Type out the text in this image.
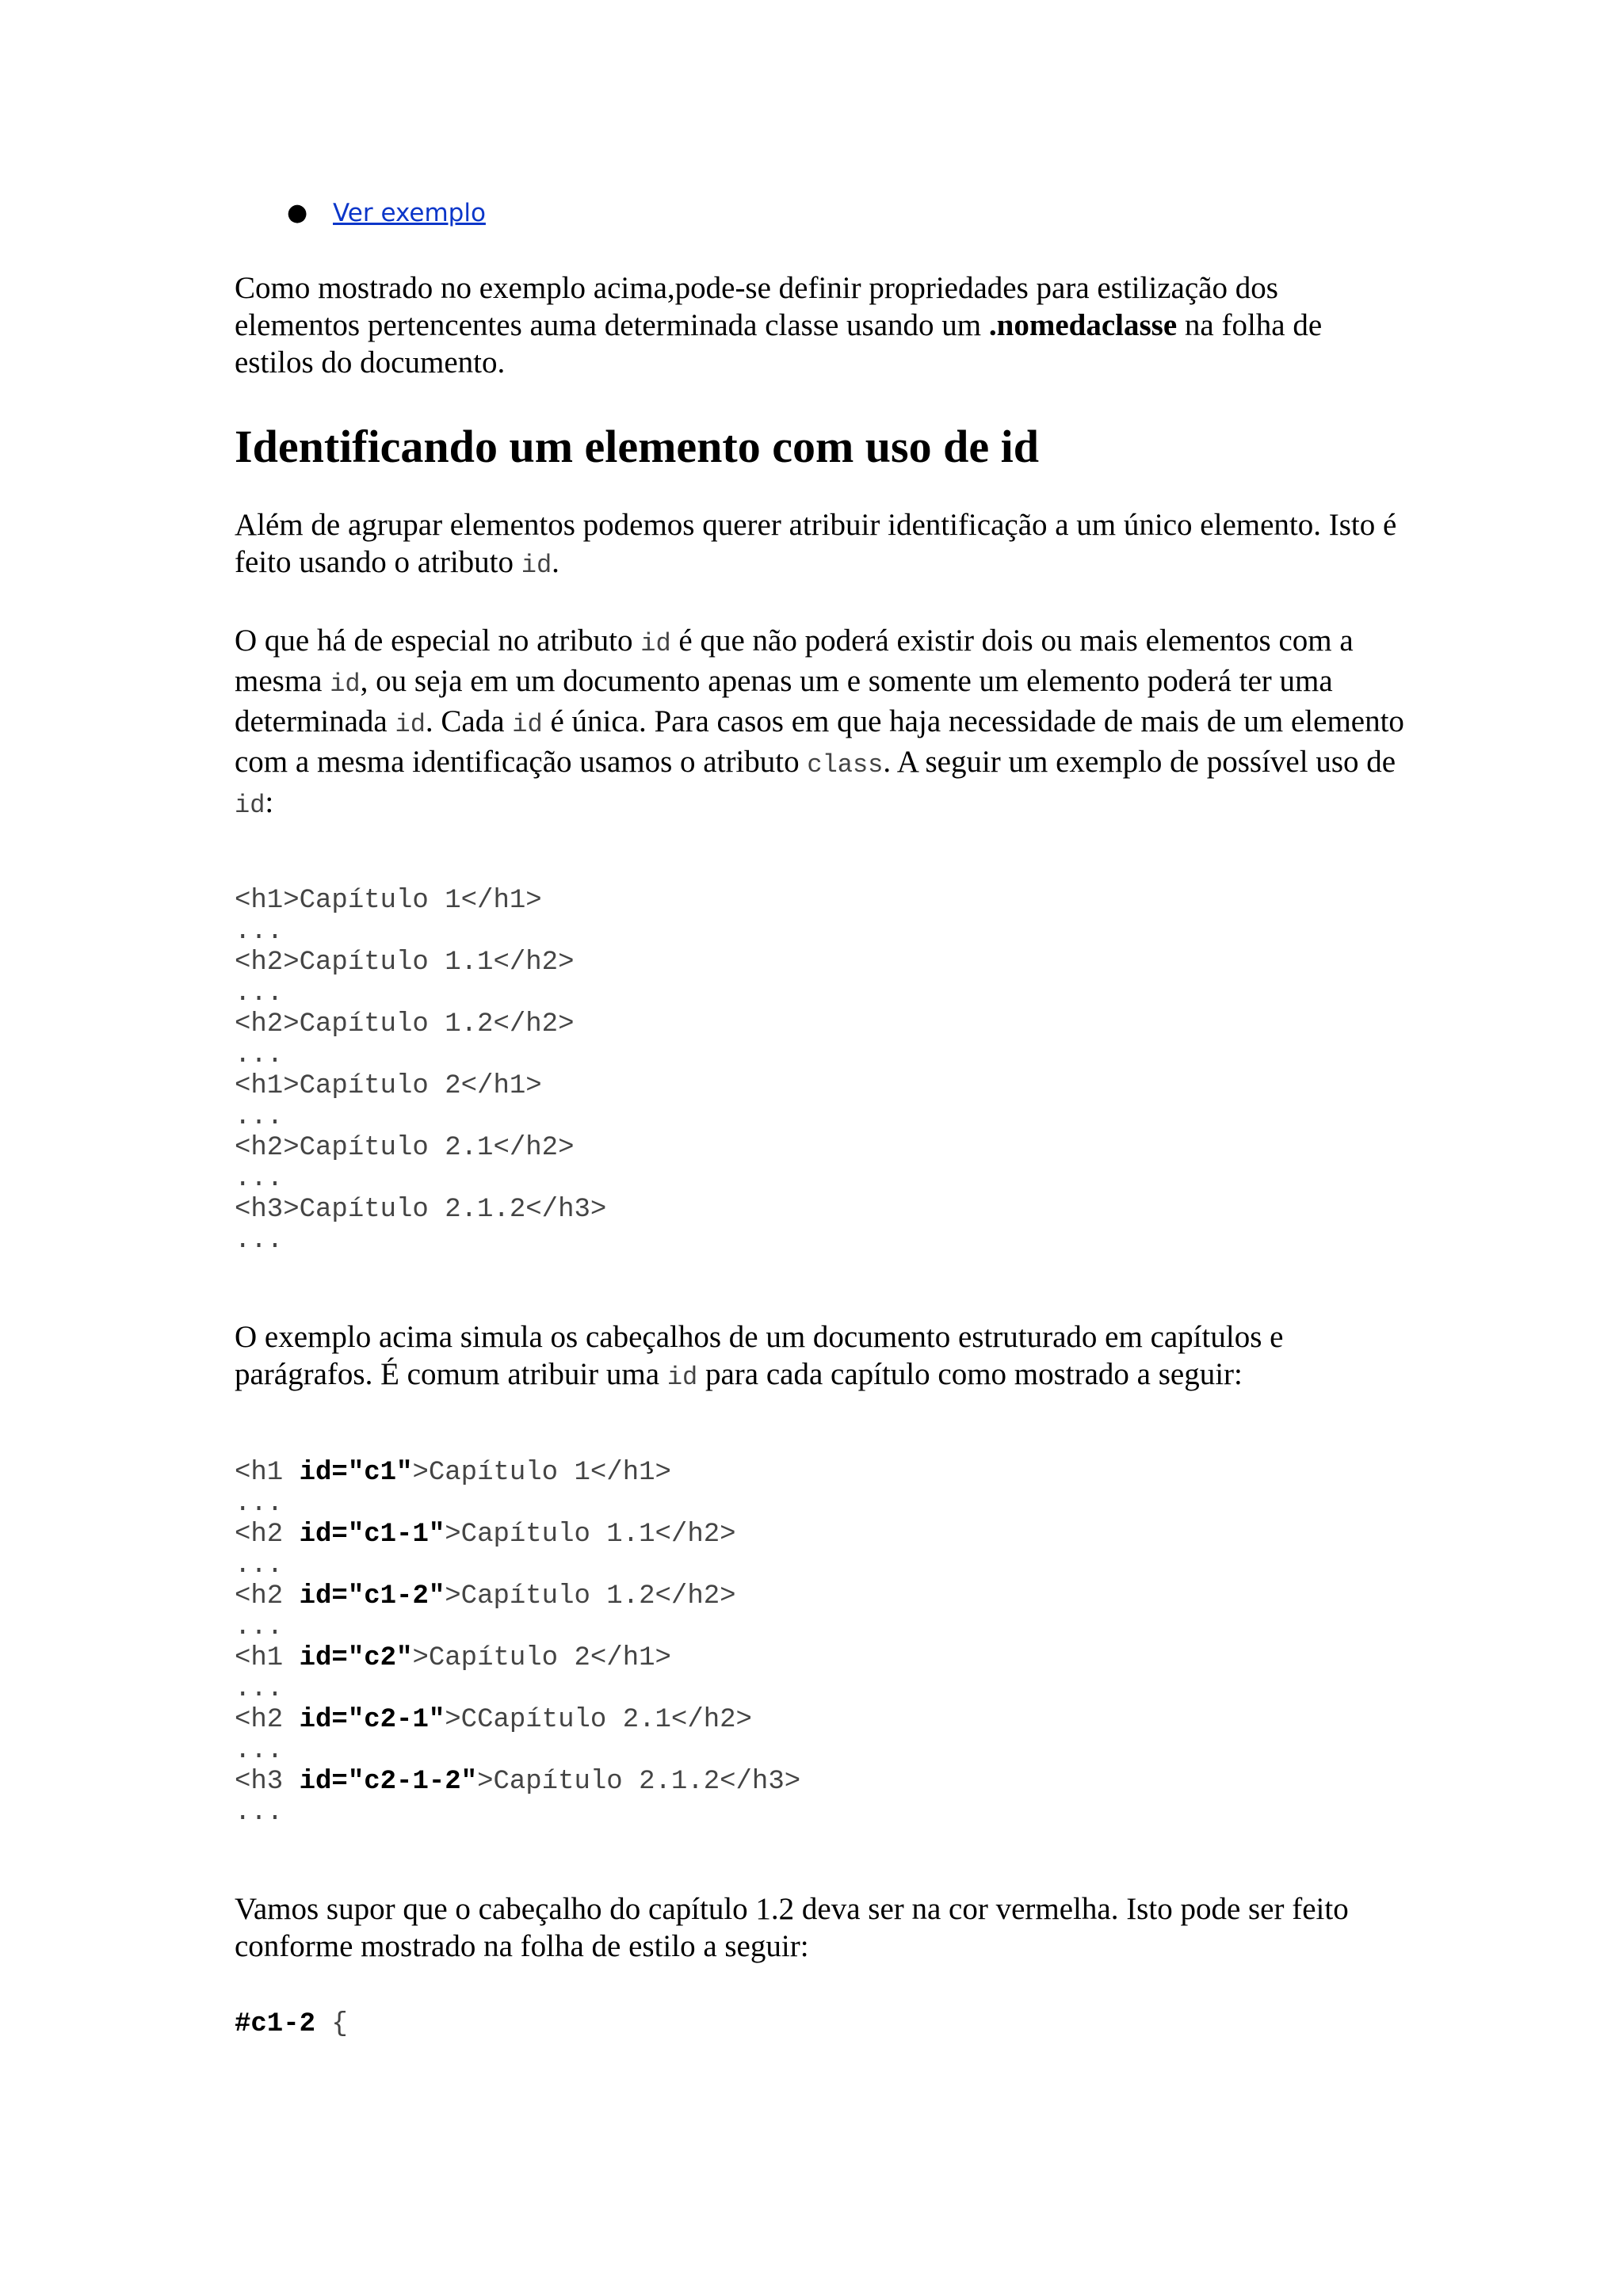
● Ver exemplo

Como mostrado no exemplo acima,pode-se definir propriedades para estilização dos elementos pertencentes auma determinada classe usando um .nomedaclasse na folha de estilos do documento.

Identificando um elemento com uso de id

Além de agrupar elementos podemos querer atribuir identificação a um único elemento. Isto é feito usando o atributo id.

O que há de especial no atributo id é que não poderá existir dois ou mais elementos com a mesma id, ou seja em um documento apenas um e somente um elemento poderá ter uma determinada id. Cada id é única. Para casos em que haja necessidade de mais de um elemento com a mesma identificação usamos o atributo class. A seguir um exemplo de possível uso de id:

<h1>Capítulo 1</h1>
...
<h2>Capítulo 1.1</h2>
...
<h2>Capítulo 1.2</h2>
...
<h1>Capítulo 2</h1>
...
<h2>Capítulo 2.1</h2>
...
<h3>Capítulo 2.1.2</h3>
...

O exemplo acima simula os cabeçalhos de um documento estruturado em capítulos e parágrafos. É comum atribuir uma id para cada capítulo como mostrado a seguir:

<h1 id="c1">Capítulo 1</h1>
...
<h2 id="c1-1">Capítulo 1.1</h2>
...
<h2 id="c1-2">Capítulo 1.2</h2>
...
<h1 id="c2">Capítulo 2</h1>
...
<h2 id="c2-1">CCapítulo 2.1</h2>
...
<h3 id="c2-1-2">Capítulo 2.1.2</h3>
...

Vamos supor que o cabeçalho do capítulo 1.2 deva ser na cor vermelha. Isto pode ser feito conforme mostrado na folha de estilo a seguir:

#c1-2 {
